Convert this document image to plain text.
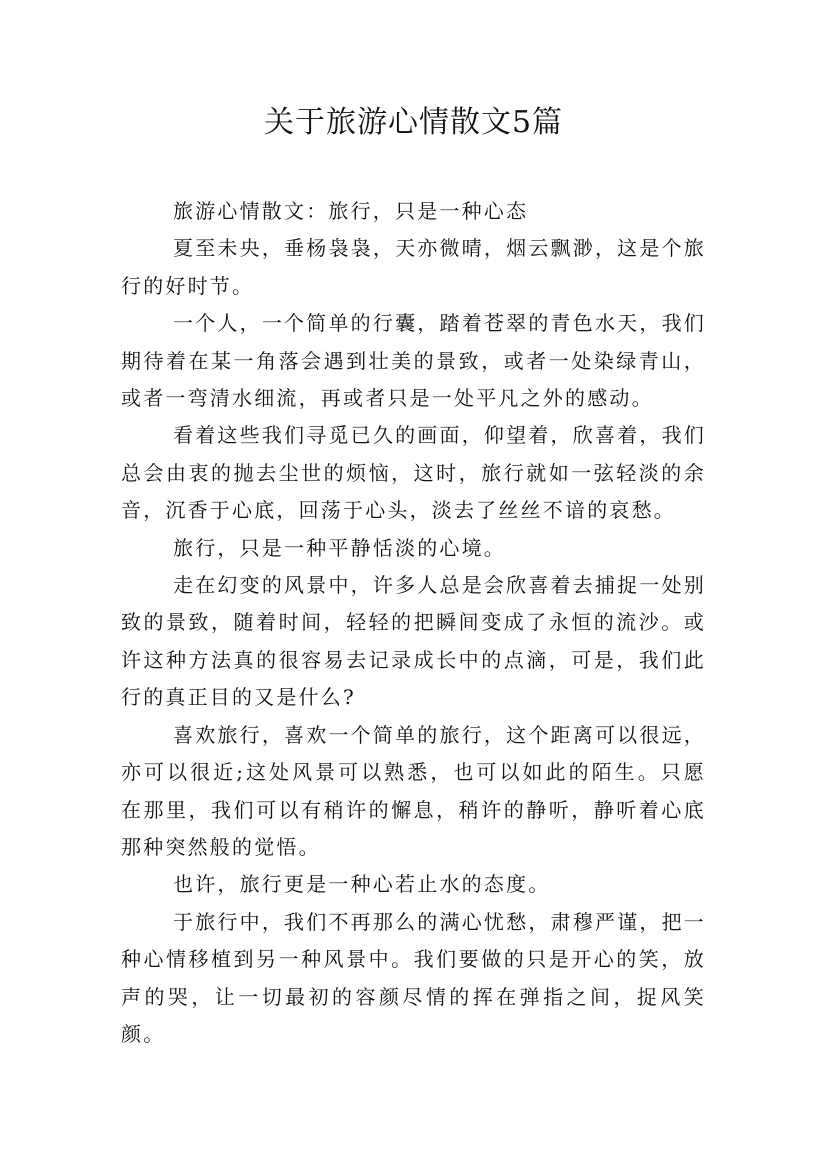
关于旅游心情散文5篇

旅游心情散文：旅行，只是一种心态

夏至未央，垂杨袅袅，天亦微晴，烟云飘渺，这是个旅行的好时节。

一个人，一个简单的行囊，踏着苍翠的青色水天，我们期待着在某一角落会遇到壮美的景致，或者一处染绿青山，或者一弯清水细流，再或者只是一处平凡之外的感动。

看着这些我们寻觅已久的画面，仰望着，欣喜着，我们总会由衷的抛去尘世的烦恼，这时，旅行就如一弦轻淡的余音，沉香于心底，回荡于心头，淡去了丝丝不谙的哀愁。

旅行，只是一种平静恬淡的心境。

走在幻变的风景中，许多人总是会欣喜着去捕捉一处别致的景致，随着时间，轻轻的把瞬间变成了永恒的流沙。或许这种方法真的很容易去记录成长中的点滴，可是，我们此行的真正目的又是什么?

喜欢旅行，喜欢一个简单的旅行，这个距离可以很远，亦可以很近;这处风景可以熟悉，也可以如此的陌生。只愿在那里，我们可以有稍许的懈息，稍许的静听，静听着心底那种突然般的觉悟。

也许，旅行更是一种心若止水的态度。

于旅行中，我们不再那么的满心忧愁，肃穆严谨，把一种心情移植到另一种风景中。我们要做的只是开心的笑，放声的哭，让一切最初的容颜尽情的挥在弹指之间，捉风笑颜。
